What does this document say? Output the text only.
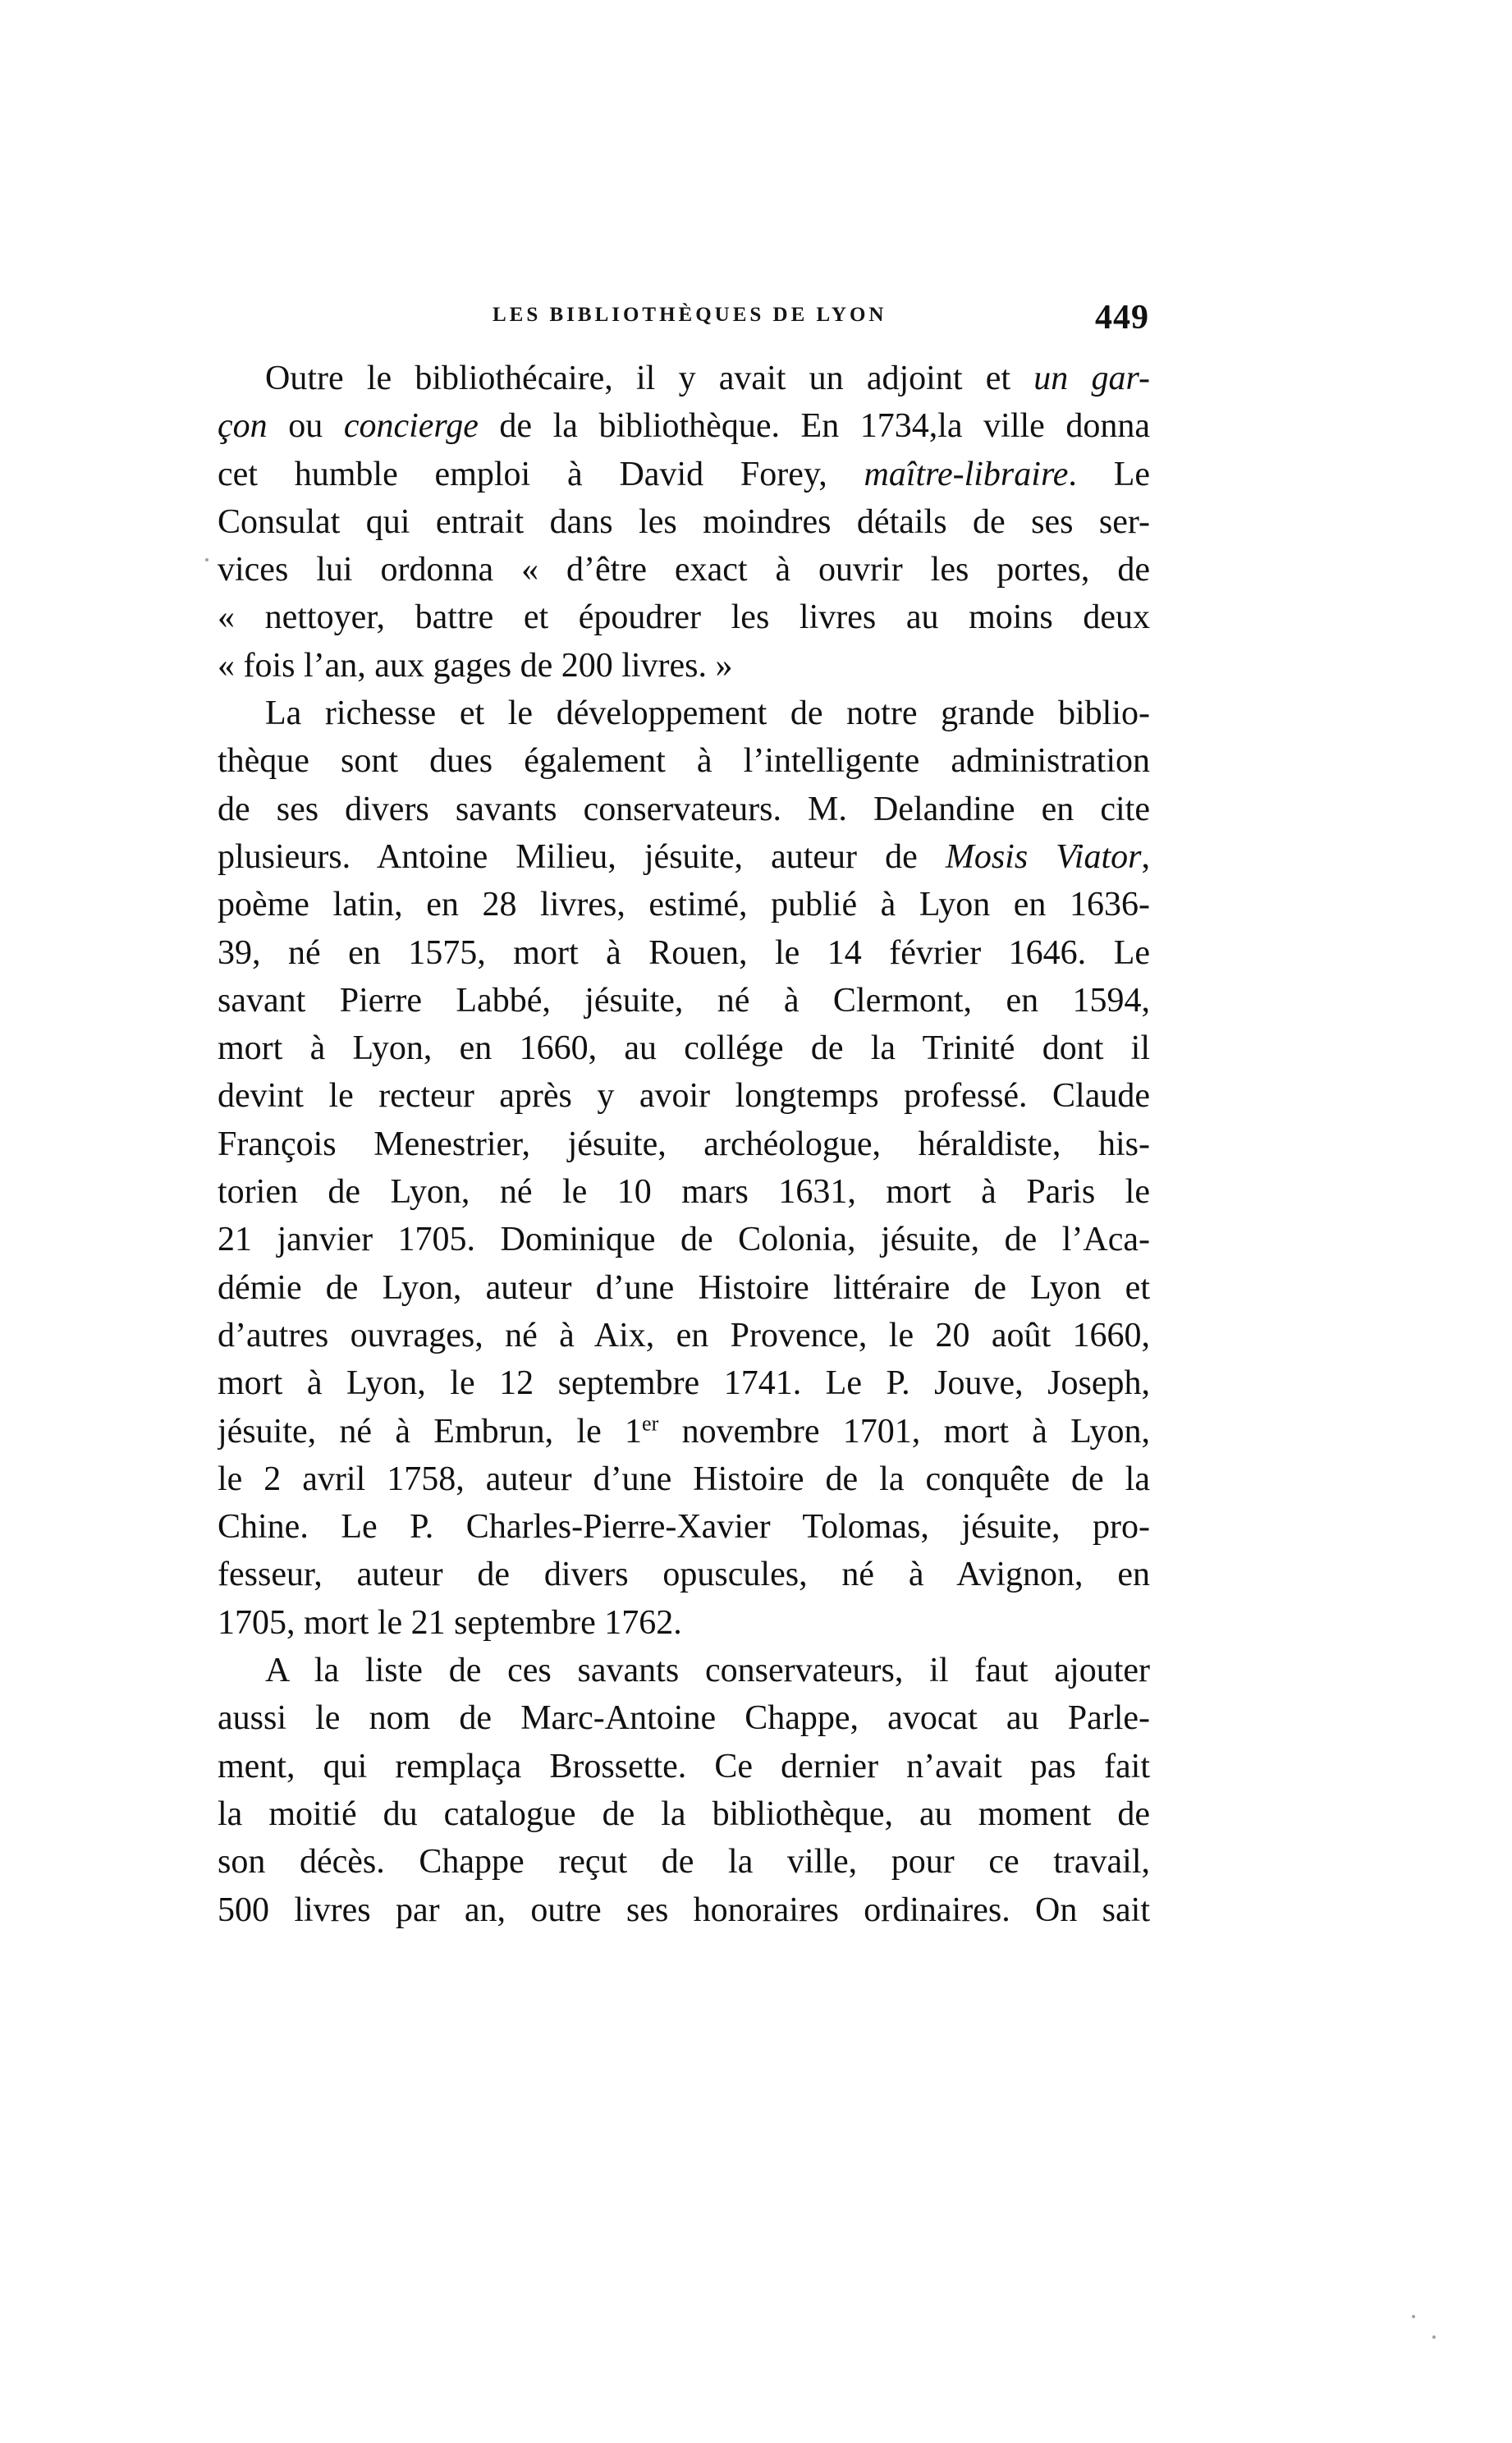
LES BIBLIOTHÈQUES DE LYON	449
Outre le bibliothécaire, il y avait un adjoint et un gar-
çon ou concierge de la bibliothèque. En 1734,la ville donna
cet humble emploi à David Forey, maître-libraire. Le
Consulat qui entrait dans les moindres détails de ses ser-
vices lui ordonna « d’être exact à ouvrir les portes, de
« nettoyer, battre et époudrer les livres au moins deux
« fois l’an, aux gages de 200 livres. »
La richesse et le développement de notre grande biblio-
thèque sont dues également à l’intelligente administration
de ses divers savants conservateurs. M. Delandine en cite
plusieurs. Antoine Milieu, jésuite, auteur de Mosis Viator,
poème latin, en 28 livres, estimé, publié à Lyon en 1636-
39, né en 1575, mort à Rouen, le 14 février 1646. Le
savant Pierre Labbé, jésuite, né à Clermont, en 1594,
mort à Lyon, en 1660, au collége de la Trinité dont il
devint le recteur après y avoir longtemps professé. Claude
François Menestrier, jésuite, archéologue, héraldiste, his-
torien de Lyon, né le 10 mars 1631, mort à Paris le
21 janvier 1705. Dominique de Colonia, jésuite, de l’Aca-
démie de Lyon, auteur d’une Histoire littéraire de Lyon et
d’autres ouvrages, né à Aix, en Provence, le 20 août 1660,
mort à Lyon, le 12 septembre 1741. Le P. Jouve, Joseph,
jésuite, né à Embrun, le 1er novembre 1701, mort à Lyon,
le 2 avril 1758, auteur d’une Histoire de la conquête de la
Chine. Le P. Charles-Pierre-Xavier Tolomas, jésuite, pro-
fesseur, auteur de divers opuscules, né à Avignon, en
1705, mort le 21 septembre 1762.
A la liste de ces savants conservateurs, il faut ajouter
aussi le nom de Marc-Antoine Chappe, avocat au Parle-
ment, qui remplaça Brossette. Ce dernier n’avait pas fait
la moitié du catalogue de la bibliothèque, au moment de
son décès. Chappe reçut de la ville, pour ce travail,
500 livres par an, outre ses honoraires ordinaires. On sait
